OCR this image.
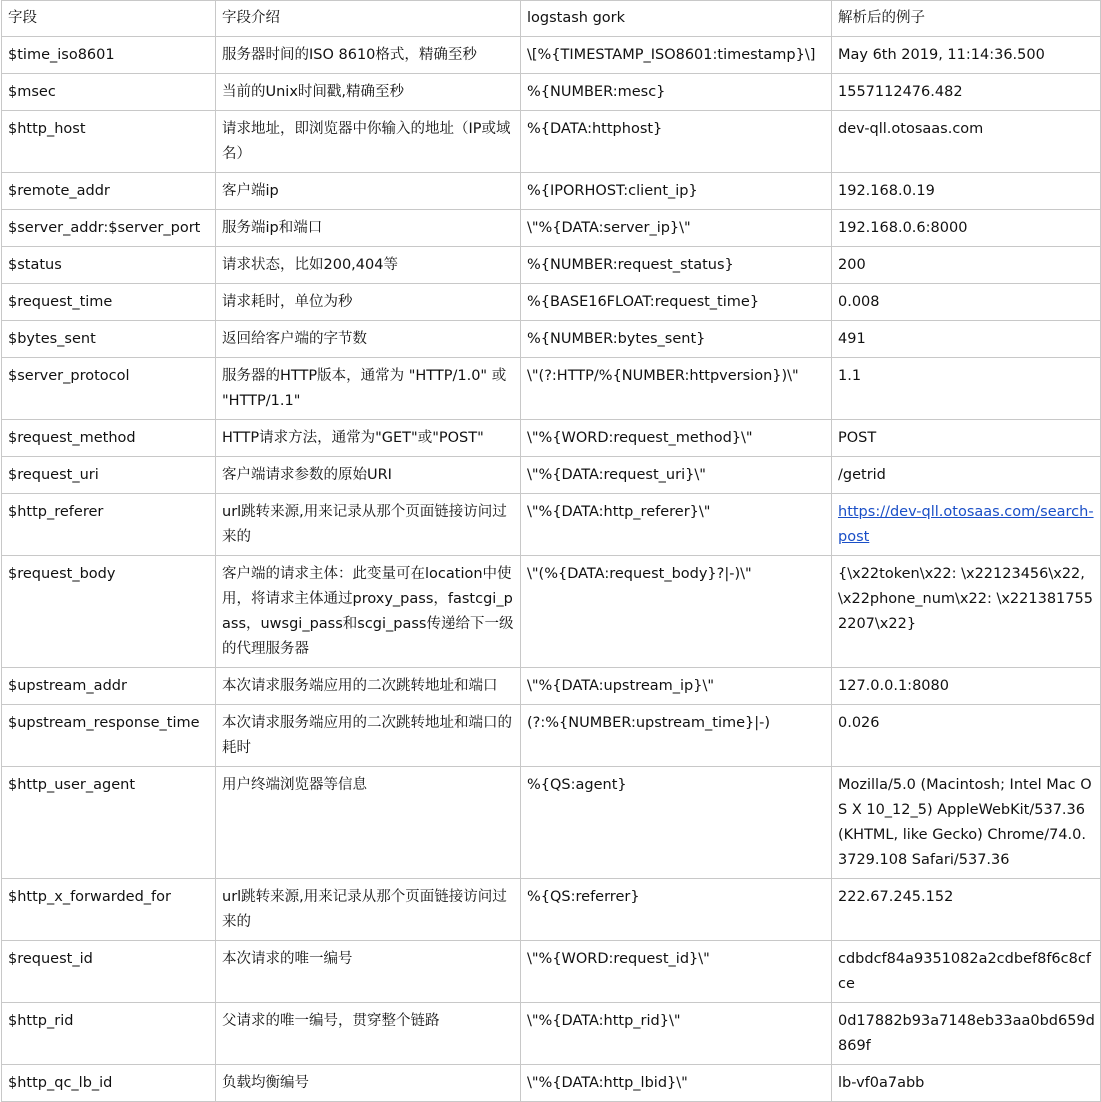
字段	字段介绍	logstash gork	解析后的例子
$time_iso8601	服务器时间的ISO 8610格式，精确至秒	\[%{TIMESTAMP_ISO8601:timestamp}\]	May 6th 2019, 11:14:36.500
$msec	当前的Unix时间戳,精确至秒	%{NUMBER:mesc}	1557112476.482
$http_host	请求地址，即浏览器中你输入的地址（IP或域名）	%{DATA:httphost}	dev-qll.otosaas.com
$remote_addr	客户端ip	%{IPORHOST:client_ip}	192.168.0.19
$server_addr:$server_port	服务端ip和端口	\"%{DATA:server_ip}\"	192.168.0.6:8000
$status	请求状态，比如200,404等	%{NUMBER:request_status}	200
$request_time	请求耗时，单位为秒	%{BASE16FLOAT:request_time}	0.008
$bytes_sent	返回给客户端的字节数	%{NUMBER:bytes_sent}	491
$server_protocol	服务器的HTTP版本，通常为 "HTTP/1.0" 或 "HTTP/1.1"	\"(?:HTTP/%{NUMBER:httpversion})\"	1.1
$request_method	HTTP请求方法，通常为"GET"或"POST"	\"%{WORD:request_method}\"	POST
$request_uri	客户端请求参数的原始URI	\"%{DATA:request_uri}\"	/getrid
$http_referer	url跳转来源,用来记录从那个页面链接访问过来的	\"%{DATA:http_referer}\"	https://dev-qll.otosaas.com/search-post
$request_body	客户端的请求主体：此变量可在location中使用，将请求主体通过proxy_pass，fastcgi_pass，uwsgi_pass和scgi_pass传递给下一级的代理服务器	\"(%{DATA:request_body}?|-)\"	{\x22token\x22: \x22123456\x22, \x22phone_num\x22: \x2213817552207\x22}
$upstream_addr	本次请求服务端应用的二次跳转地址和端口	\"%{DATA:upstream_ip}\"	127.0.0.1:8080
$upstream_response_time	本次请求服务端应用的二次跳转地址和端口的耗时	(?:%{NUMBER:upstream_time}|-)	0.026
$http_user_agent	用户终端浏览器等信息	%{QS:agent}	Mozilla/5.0 (Macintosh; Intel Mac OS X 10_12_5) AppleWebKit/537.36 (KHTML, like Gecko) Chrome/74.0.3729.108 Safari/537.36
$http_x_forwarded_for	url跳转来源,用来记录从那个页面链接访问过来的	%{QS:referrer}	222.67.245.152
$request_id	本次请求的唯一编号	\"%{WORD:request_id}\"	cdbdcf84a9351082a2cdbef8f6c8cfce
$http_rid	父请求的唯一编号，贯穿整个链路	\"%{DATA:http_rid}\"	0d17882b93a7148eb33aa0bd659d869f
$http_qc_lb_id	负载均衡编号	\"%{DATA:http_lbid}\"	lb-vf0a7abb
